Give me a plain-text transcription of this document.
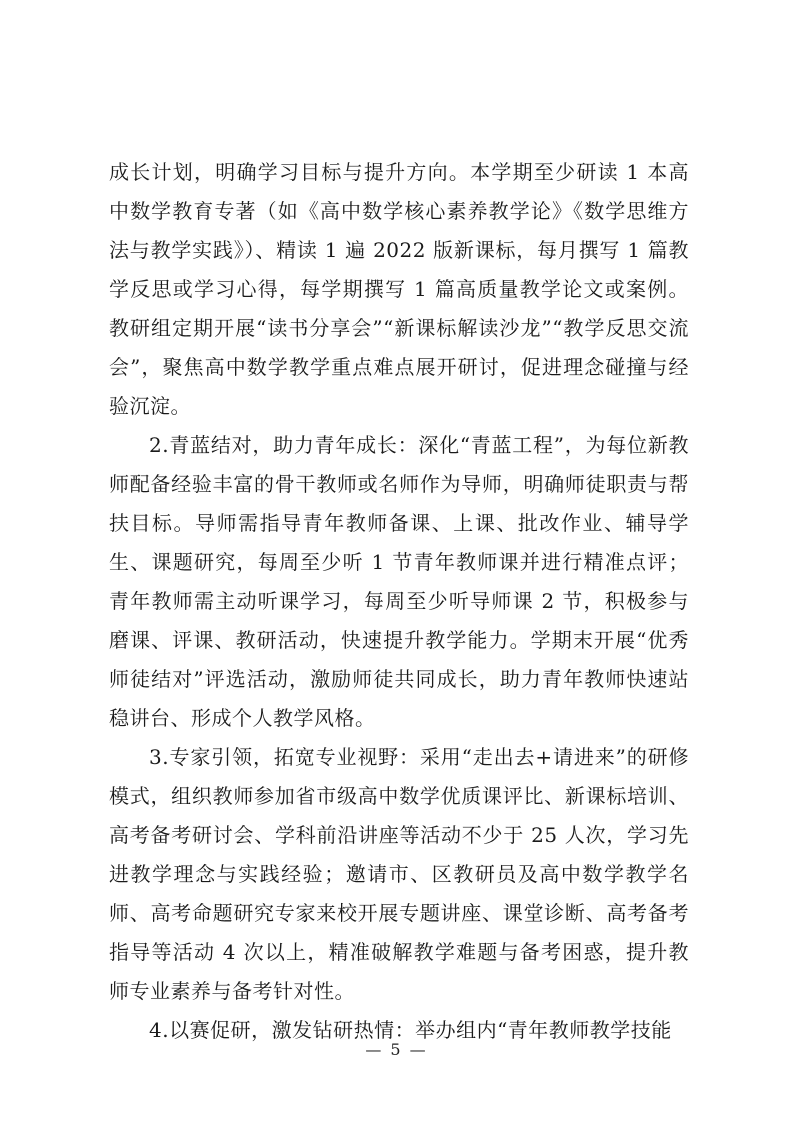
成长计划，明确学习目标与提升方向。本学期至少研读 1 本高中数学教育专著（如《高中数学核心素养教学论》《数学思维方法与教学实践》）、精读 1 遍 2022 版新课标，每月撰写 1 篇教学反思或学习心得，每学期撰写 1 篇高质量教学论文或案例。教研组定期开展“读书分享会”“新课标解读沙龙”“教学反思交流会”，聚焦高中数学教学重点难点展开研讨，促进理念碰撞与经验沉淀。

2.青蓝结对，助力青年成长：深化“青蓝工程”，为每位新教师配备经验丰富的骨干教师或名师作为导师，明确师徒职责与帮扶目标。导师需指导青年教师备课、上课、批改作业、辅导学生、课题研究，每周至少听 1 节青年教师课并进行精准点评；青年教师需主动听课学习，每周至少听导师课 2 节，积极参与磨课、评课、教研活动，快速提升教学能力。学期末开展“优秀师徒结对”评选活动，激励师徒共同成长，助力青年教师快速站稳讲台、形成个人教学风格。

3.专家引领，拓宽专业视野：采用“走出去+请进来”的研修模式，组织教师参加省市级高中数学优质课评比、新课标培训、高考备考研讨会、学科前沿讲座等活动不少于 25 人次，学习先进教学理念与实践经验；邀请市、区教研员及高中数学教学名师、高考命题研究专家来校开展专题讲座、课堂诊断、高考备考指导等活动 4 次以上，精准破解教学难题与备考困惑，提升教师专业素养与备考针对性。

4.以赛促研，激发钻研热情：举办组内“青年教师教学技能

— 5 —
